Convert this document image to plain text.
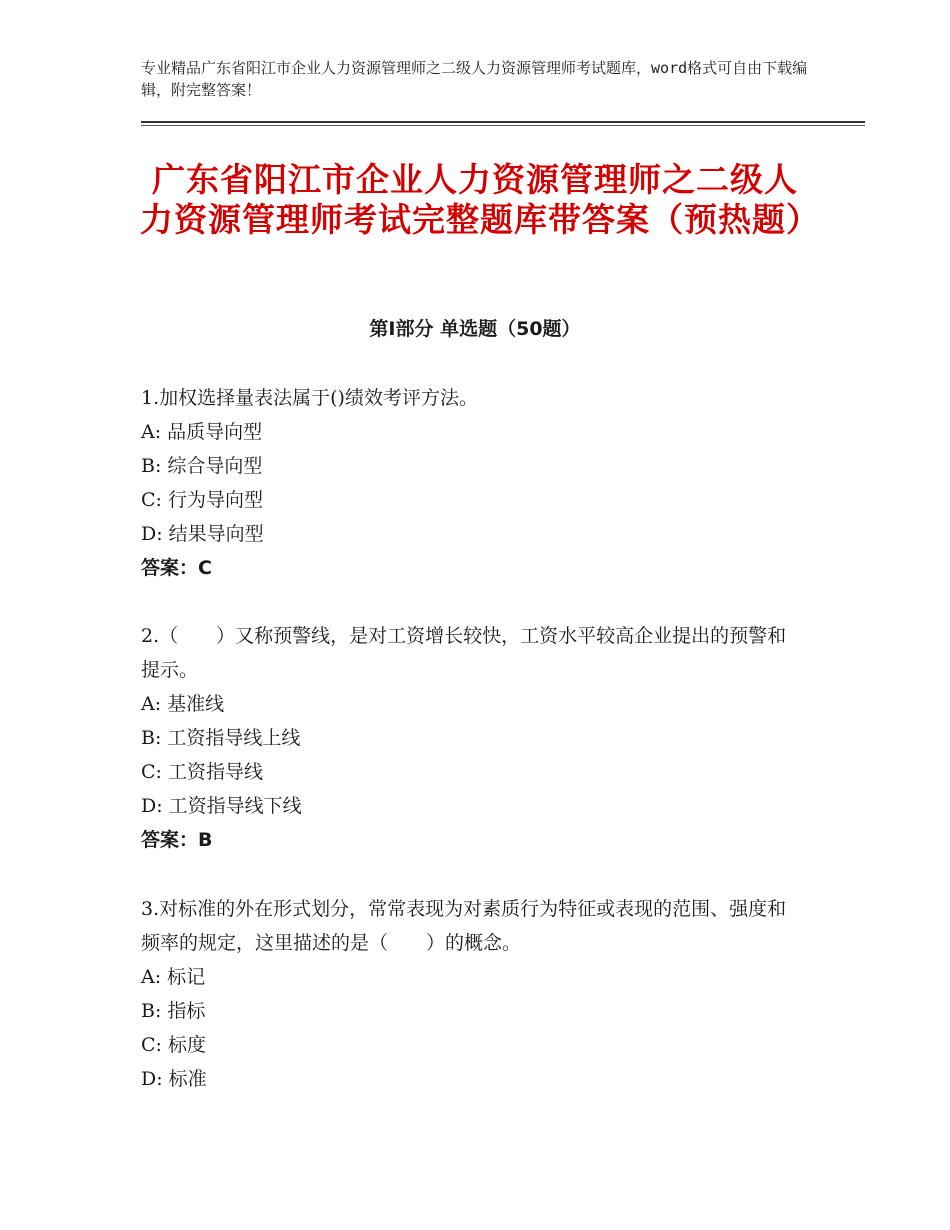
专业精品广东省阳江市企业人力资源管理师之二级人力资源管理师考试题库，word格式可自由下载编辑，附完整答案！
广东省阳江市企业人力资源管理师之二级人力资源管理师考试完整题库带答案（预热题）
第Ⅰ部分 单选题（50题）
1.加权选择量表法属于()绩效考评方法。
A: 品质导向型
B: 综合导向型
C: 行为导向型
D: 结果导向型
答案：C
2.（　　）又称预警线，是对工资增长较快，工资水平较高企业提出的预警和提示。
A: 基准线
B: 工资指导线上线
C: 工资指导线
D: 工资指导线下线
答案：B
3.对标准的外在形式划分，常常表现为对素质行为特征或表现的范围、强度和频率的规定，这里描述的是（　　）的概念。
A: 标记
B: 指标
C: 标度
D: 标准
